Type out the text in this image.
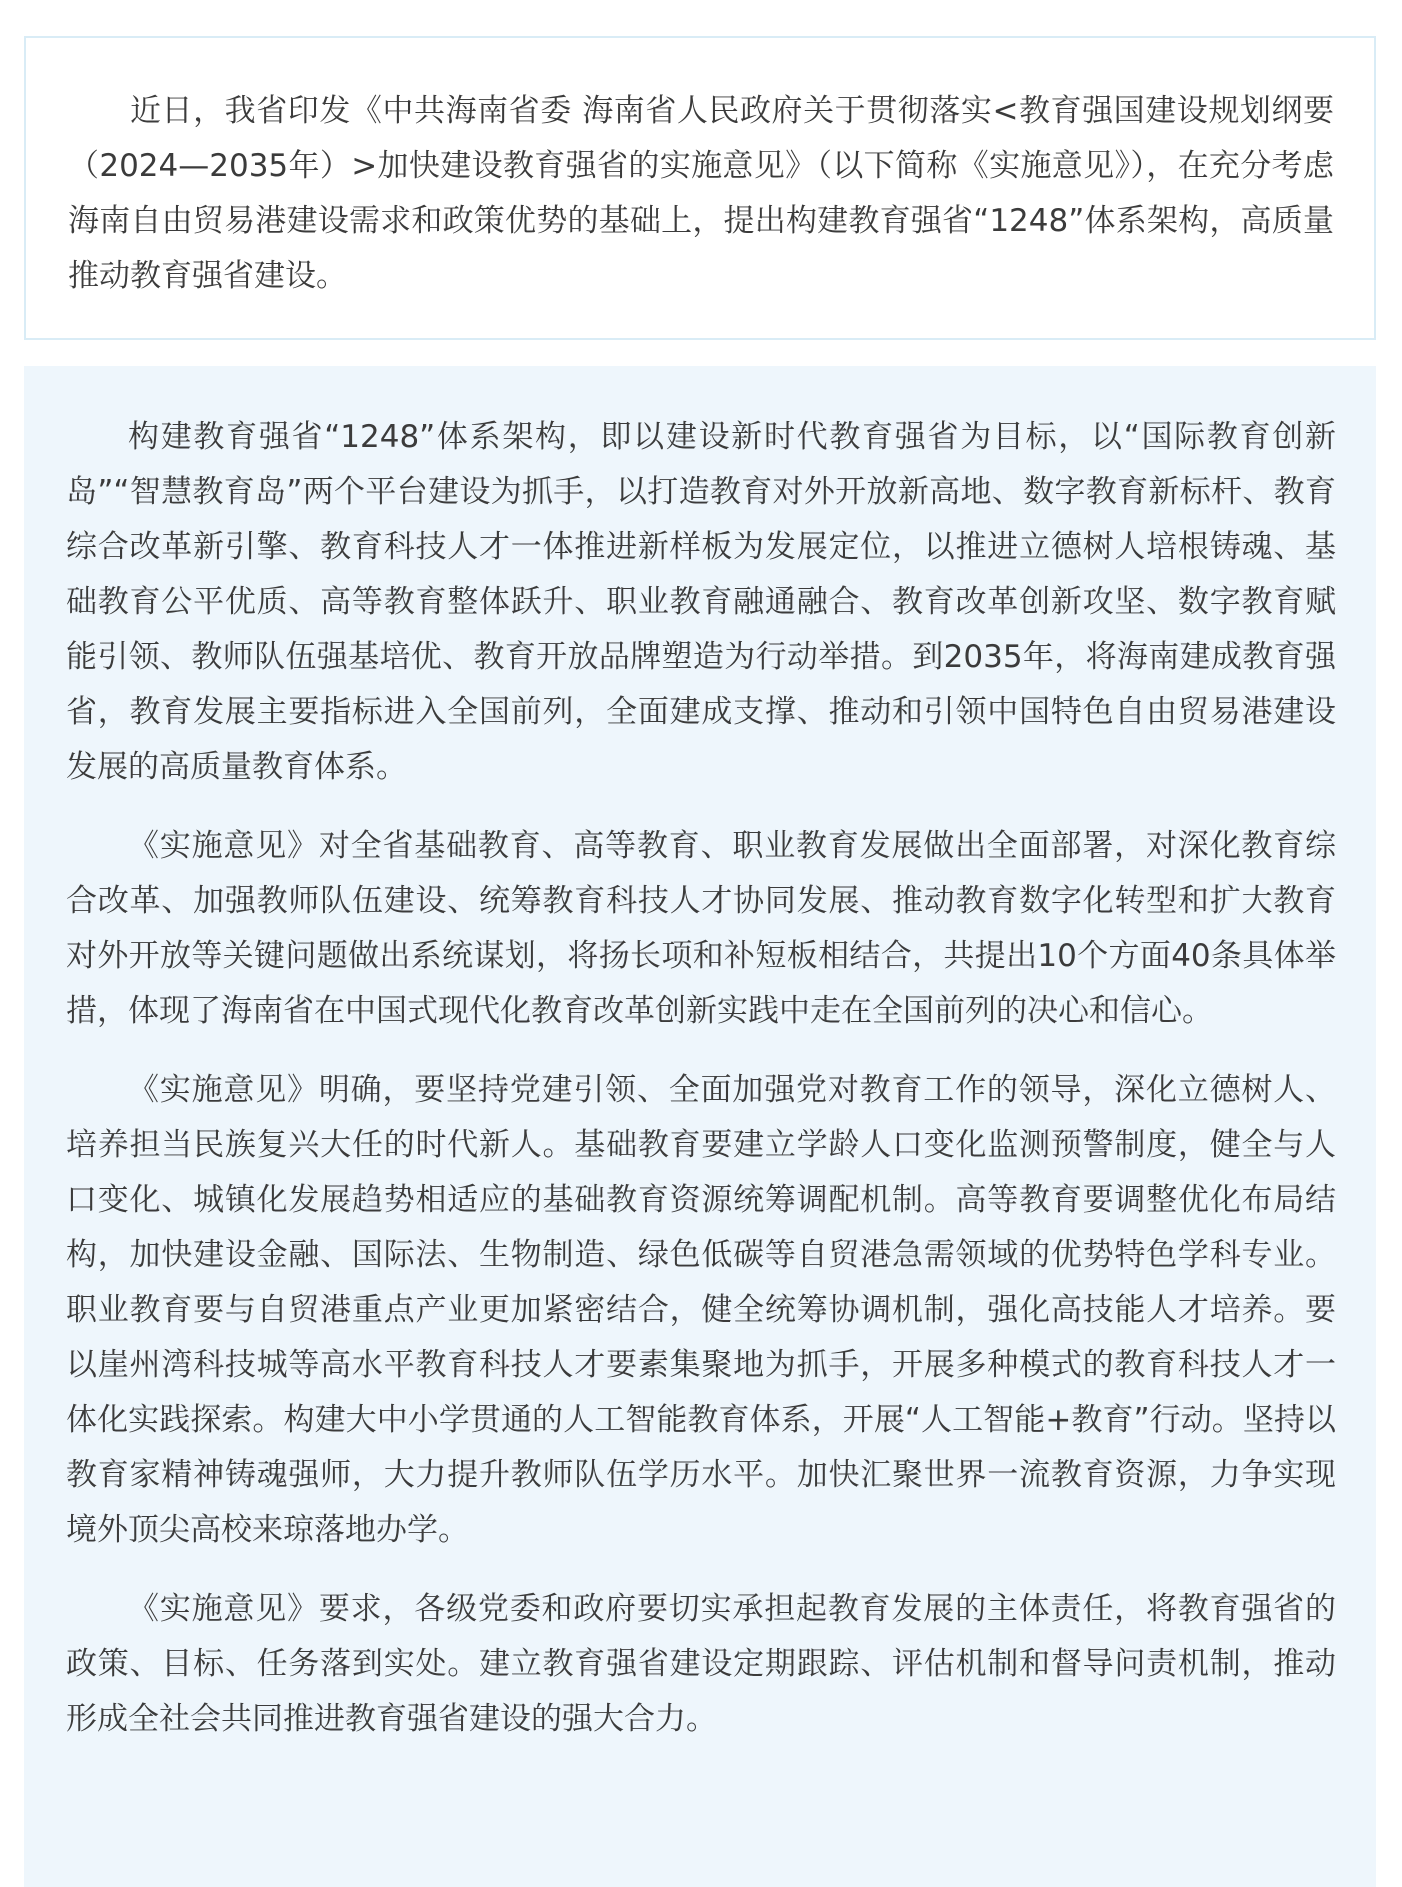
近日，我省印发《中共海南省委 海南省人民政府关于贯彻落实<教育强国建设规划纲要（2024—2035年）>加快建设教育强省的实施意见》（以下简称《实施意见》），在充分考虑海南自由贸易港建设需求和政策优势的基础上，提出构建教育强省“1248”体系架构，高质量推动教育强省建设。

构建教育强省“1248”体系架构，即以建设新时代教育强省为目标，以“国际教育创新岛”“智慧教育岛”两个平台建设为抓手，以打造教育对外开放新高地、数字教育新标杆、教育综合改革新引擎、教育科技人才一体推进新样板为发展定位，以推进立德树人培根铸魂、基础教育公平优质、高等教育整体跃升、职业教育融通融合、教育改革创新攻坚、数字教育赋能引领、教师队伍强基培优、教育开放品牌塑造为行动举措。到2035年，将海南建成教育强省，教育发展主要指标进入全国前列，全面建成支撑、推动和引领中国特色自由贸易港建设发展的高质量教育体系。

《实施意见》对全省基础教育、高等教育、职业教育发展做出全面部署，对深化教育综合改革、加强教师队伍建设、统筹教育科技人才协同发展、推动教育数字化转型和扩大教育对外开放等关键问题做出系统谋划，将扬长项和补短板相结合，共提出10个方面40条具体举措，体现了海南省在中国式现代化教育改革创新实践中走在全国前列的决心和信心。

《实施意见》明确，要坚持党建引领、全面加强党对教育工作的领导，深化立德树人、培养担当民族复兴大任的时代新人。基础教育要建立学龄人口变化监测预警制度，健全与人口变化、城镇化发展趋势相适应的基础教育资源统筹调配机制。高等教育要调整优化布局结构，加快建设金融、国际法、生物制造、绿色低碳等自贸港急需领域的优势特色学科专业。职业教育要与自贸港重点产业更加紧密结合，健全统筹协调机制，强化高技能人才培养。要以崖州湾科技城等高水平教育科技人才要素集聚地为抓手，开展多种模式的教育科技人才一体化实践探索。构建大中小学贯通的人工智能教育体系，开展“人工智能+教育”行动。坚持以教育家精神铸魂强师，大力提升教师队伍学历水平。加快汇聚世界一流教育资源，力争实现境外顶尖高校来琼落地办学。

《实施意见》要求，各级党委和政府要切实承担起教育发展的主体责任，将教育强省的政策、目标、任务落到实处。建立教育强省建设定期跟踪、评估机制和督导问责机制，推动形成全社会共同推进教育强省建设的强大合力。
